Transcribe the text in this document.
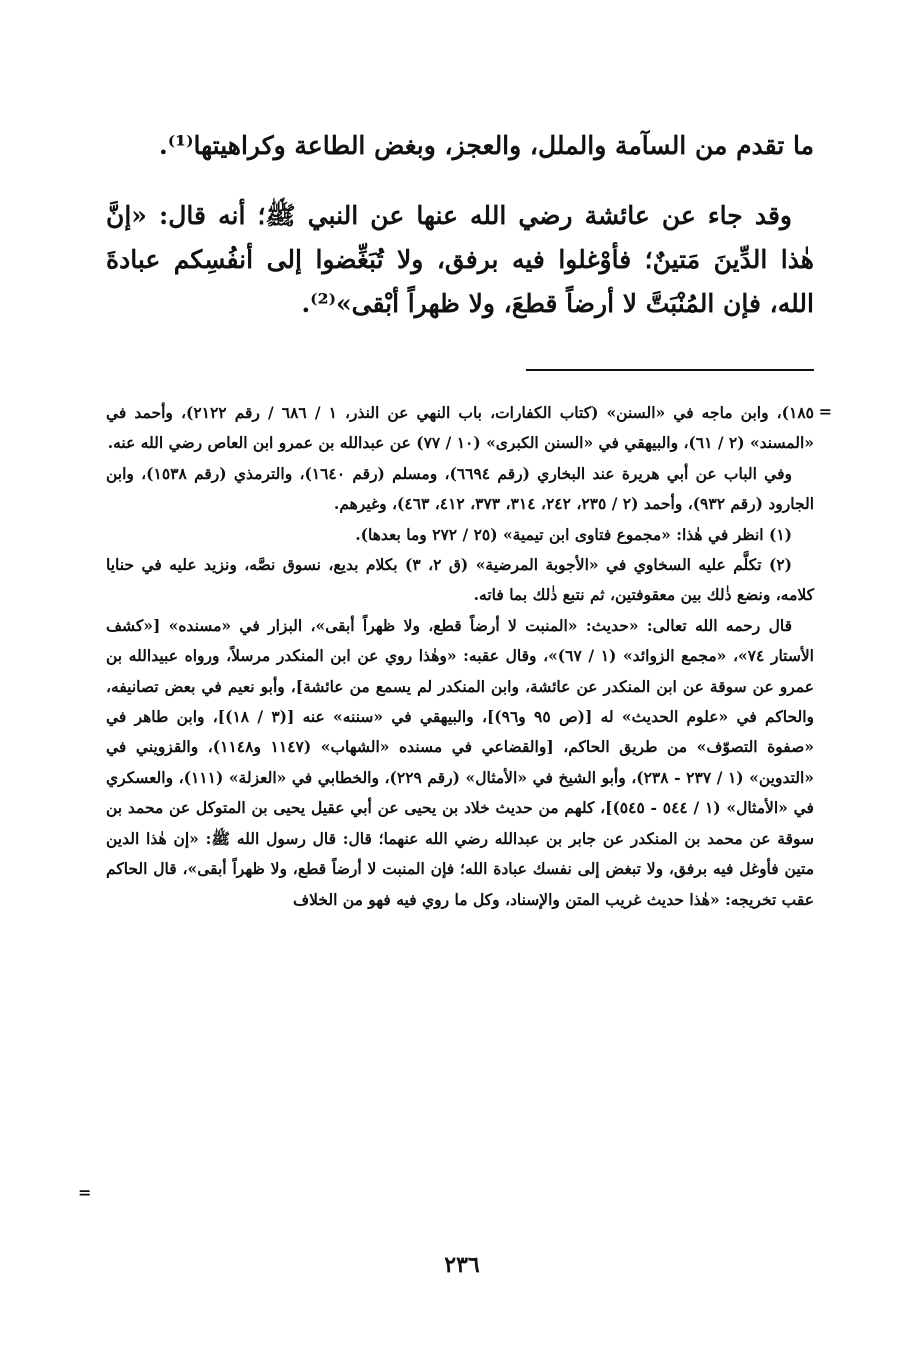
ما تقدم من السآمة والملل، والعجز، وبغض الطاعة وكراهيتها⁽¹⁾.

وقد جاء عن عائشة رضي الله عنها عن النبي ﷺ؛ أنه قال: «إنَّ هٰذا الدِّينَ مَتينٌ؛ فأوْغلوا فيه برفق، ولا تُبَغِّضوا إلى أنفُسِكم عبادةَ الله، فإن المُنْبَتَّ لا أرضاً قطعَ، ولا ظهراً أبْقى»⁽²⁾.

=

١٨٥)، وابن ماجه في «السنن» (كتاب الكفارات، باب النهي عن النذر، ١ / ٦٨٦ / رقم ٢١٢٢)، وأحمد في «المسند» (٢ / ٦١)، والبيهقي في «السنن الكبرى» (١٠ / ٧٧) عن عبدالله بن عمرو ابن العاص رضي الله عنه.

وفي الباب عن أبي هريرة عند البخاري (رقم ٦٦٩٤)، ومسلم (رقم ١٦٤٠)، والترمذي (رقم ١٥٣٨)، وابن الجارود (رقم ٩٣٢)، وأحمد (٢ / ٢٣٥، ٢٤٢، ٣١٤، ٣٧٣، ٤١٢، ٤٦٣)، وغيرهم.

(١) انظر في هٰذا: «مجموع فتاوى ابن تيمية» (٢٥ / ٢٧٢ وما بعدها).

(٢) تكلَّم عليه السخاوي في «الأجوبة المرضية» (ق ٢، ٣) بكلام بديع، نسوق نصَّه، ونزيد عليه في حنايا كلامه، ونضع ذٰلك بين معقوفتين، ثم نتبع ذٰلك بما فاته.

قال رحمه الله تعالى: «حديث: «المنبت لا أرضاً قطع، ولا ظهراً أبقى»، البزار في «مسنده» [«كشف الأستار ٧٤»، «مجمع الزوائد» (١ / ٦٧)»، وقال عقبه: «وهٰذا روي عن ابن المنكدر مرسلاً، ورواه عبيدالله بن عمرو عن سوقة عن ابن المنكدر عن عائشة، وابن المنكدر لم يسمع من عائشة]، وأبو نعيم في بعض تصانيفه، والحاكم في «علوم الحديث» له [(ص ٩٥ و٩٦)]، والبيهقي في «سننه» عنه [(٣ / ١٨)]، وابن طاهر في «صفوة التصوّف» من طريق الحاكم، [والقضاعي في مسنده «الشهاب» (١١٤٧ و١١٤٨)، والقزويني في «التدوين» (١ / ٢٣٧ - ٢٣٨)، وأبو الشيخ في «الأمثال» (رقم ٢٢٩)، والخطابي في «العزلة» (١١١)، والعسكري في «الأمثال» (١ / ٥٤٤ - ٥٤٥)]، كلهم من حديث خلاد بن يحيى عن أبي عقيل يحيى بن المتوكل عن محمد بن سوقة عن محمد بن المنكدر عن جابر بن عبدالله رضي الله عنهما؛ قال: قال رسول الله ﷺ: «إن هٰذا الدين متين فأوغل فيه برفق، ولا تبغض إلى نفسك عبادة الله؛ فإن المنبت لا أرضاً قطع، ولا ظهراً أبقى»، قال الحاكم عقب تخريجه: «هٰذا حديث غريب المتن والإسناد، وكل ما روي فيه فهو من الخلاف

=
٢٣٦
